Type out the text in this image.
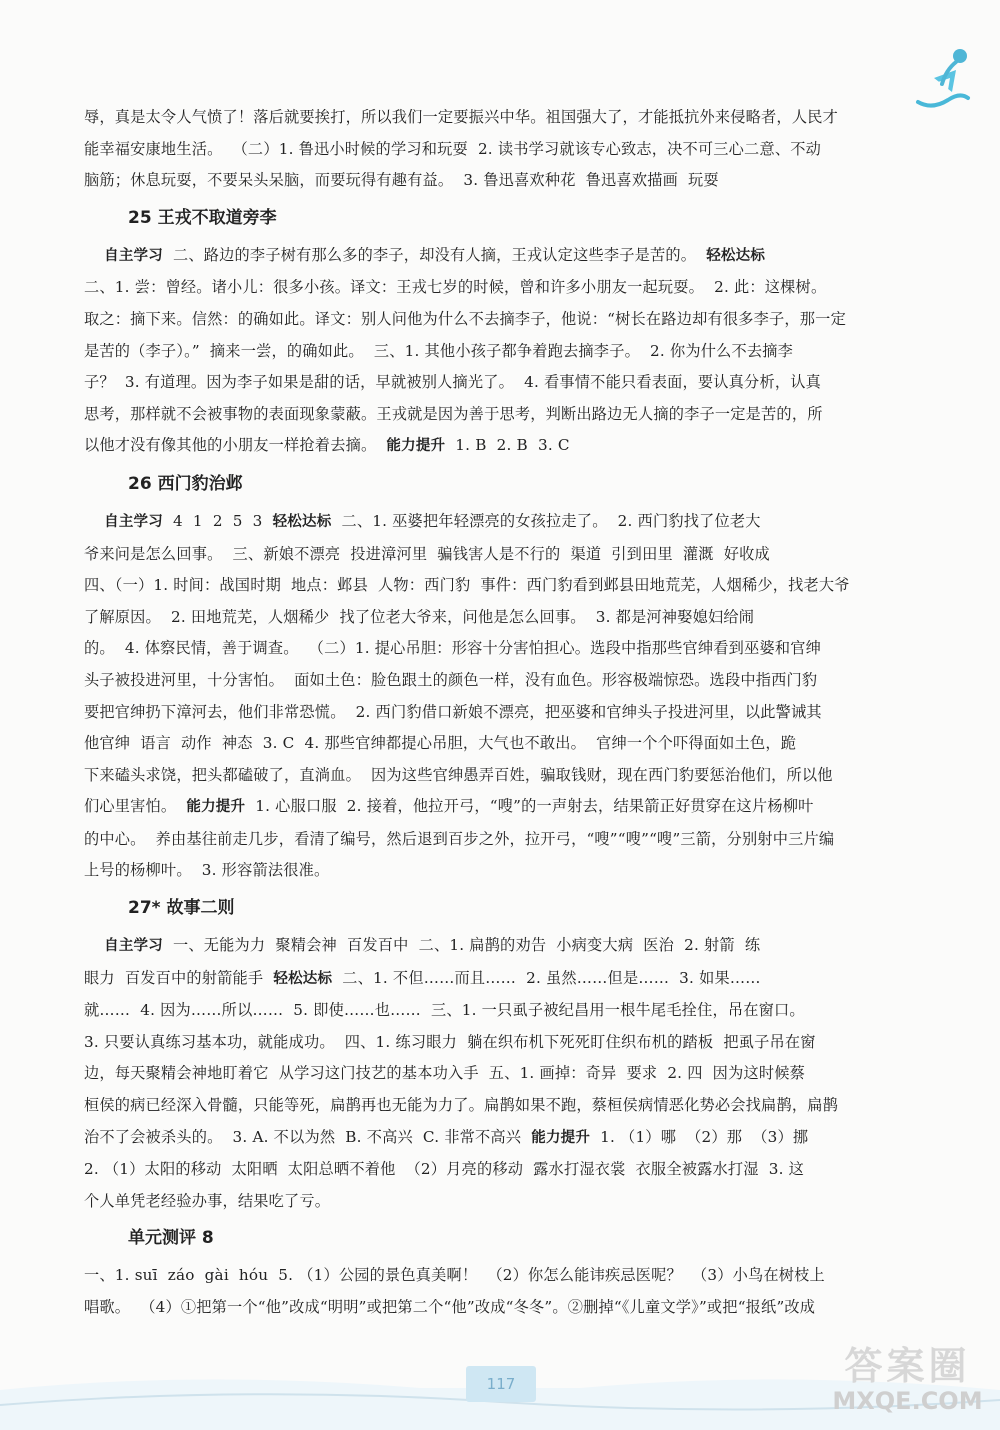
辱，真是太令人气愤了！落后就要挨打，所以我们一定要振兴中华。祖国强大了，才能抵抗外来侵略者，人民才

能幸福安康地生活。  （二）1. 鲁迅小时候的学习和玩耍  2. 读书学习就该专心致志，决不可三心二意、不动

脑筋；休息玩耍，不要呆头呆脑，而要玩得有趣有益。  3. 鲁迅喜欢种花  鲁迅喜欢描画  玩耍

25 王戎不取道旁李

自主学习  二、路边的李子树有那么多的李子，却没有人摘，王戎认定这些李子是苦的。  轻松达标

二、1. 尝：曾经。诸小儿：很多小孩。译文：王戎七岁的时候，曾和许多小朋友一起玩耍。  2. 此：这棵树。

取之：摘下来。信然：的确如此。译文：别人问他为什么不去摘李子，他说：“树长在路边却有很多李子，那一定

是苦的（李子）。”  摘来一尝，的确如此。  三、1. 其他小孩子都争着跑去摘李子。  2. 你为什么不去摘李

子？  3. 有道理。因为李子如果是甜的话，早就被别人摘光了。  4. 看事情不能只看表面，要认真分析，认真

思考，那样就不会被事物的表面现象蒙蔽。王戎就是因为善于思考，判断出路边无人摘的李子一定是苦的，所

以他才没有像其他的小朋友一样抢着去摘。  能力提升  1. B  2. B  3. C

26 西门豹治邺

自主学习  4  1  2  5  3  轻松达标  二、1. 巫婆把年轻漂亮的女孩拉走了。  2. 西门豹找了位老大

爷来问是怎么回事。  三、新娘不漂亮  投进漳河里  骗钱害人是不行的  渠道  引到田里  灌溉  好收成

四、（一）1. 时间：战国时期  地点：邺县  人物：西门豹  事件：西门豹看到邺县田地荒芜，人烟稀少，找老大爷

了解原因。  2. 田地荒芜，人烟稀少  找了位老大爷来，问他是怎么回事。  3. 都是河神娶媳妇给闹

的。  4. 体察民情，善于调查。  （二）1. 提心吊胆：形容十分害怕担心。选段中指那些官绅看到巫婆和官绅

头子被投进河里，十分害怕。  面如土色：脸色跟土的颜色一样，没有血色。形容极端惊恐。选段中指西门豹

要把官绅扔下漳河去，他们非常恐慌。  2. 西门豹借口新娘不漂亮，把巫婆和官绅头子投进河里，以此警诫其

他官绅  语言  动作  神态  3. C  4. 那些官绅都提心吊胆，大气也不敢出。  官绅一个个吓得面如土色，跪

下来磕头求饶，把头都磕破了，直淌血。  因为这些官绅愚弄百姓，骗取钱财，现在西门豹要惩治他们，所以他

们心里害怕。  能力提升  1. 心服口服  2. 接着，他拉开弓，“嗖”的一声射去，结果箭正好贯穿在这片杨柳叶

的中心。  养由基往前走几步，看清了编号，然后退到百步之外，拉开弓，“嗖”“嗖”“嗖”三箭，分别射中三片编

上号的杨柳叶。  3. 形容箭法很准。

27* 故事二则

自主学习  一、无能为力  聚精会神  百发百中  二、1. 扁鹊的劝告  小病变大病  医治  2. 射箭  练

眼力  百发百中的射箭能手  轻松达标  二、1. 不但……而且……  2. 虽然……但是……  3. 如果……

就……  4. 因为……所以……  5. 即使……也……  三、1. 一只虱子被纪昌用一根牛尾毛拴住，吊在窗口。

3. 只要认真练习基本功，就能成功。  四、1. 练习眼力  躺在织布机下死死盯住织布机的踏板  把虱子吊在窗

边，每天聚精会神地盯着它  从学习这门技艺的基本功入手  五、1. 画掉：奇异  要求  2. 四  因为这时候蔡

桓侯的病已经深入骨髓，只能等死，扁鹊再也无能为力了。扁鹊如果不跑，蔡桓侯病情恶化势必会找扁鹊，扁鹊

治不了会被杀头的。  3. A. 不以为然  B. 不高兴  C. 非常不高兴  能力提升  1. （1）哪  （2）那  （3）挪

2. （1）太阳的移动  太阳晒  太阳总晒不着他  （2）月亮的移动  露水打湿衣裳  衣服全被露水打湿  3. 这

个人单凭老经验办事，结果吃了亏。

单元测评 8

一、1. suī  záo  gài  hóu  5. （1）公园的景色真美啊！  （2）你怎么能讳疾忌医呢？  （3）小鸟在树枝上

唱歌。  （4）①把第一个“他”改成“明明”或把第二个“他”改成“冬冬”。②删掉“《儿童文学》”或把“报纸”改成

117	答案圈
MXQE.COM
